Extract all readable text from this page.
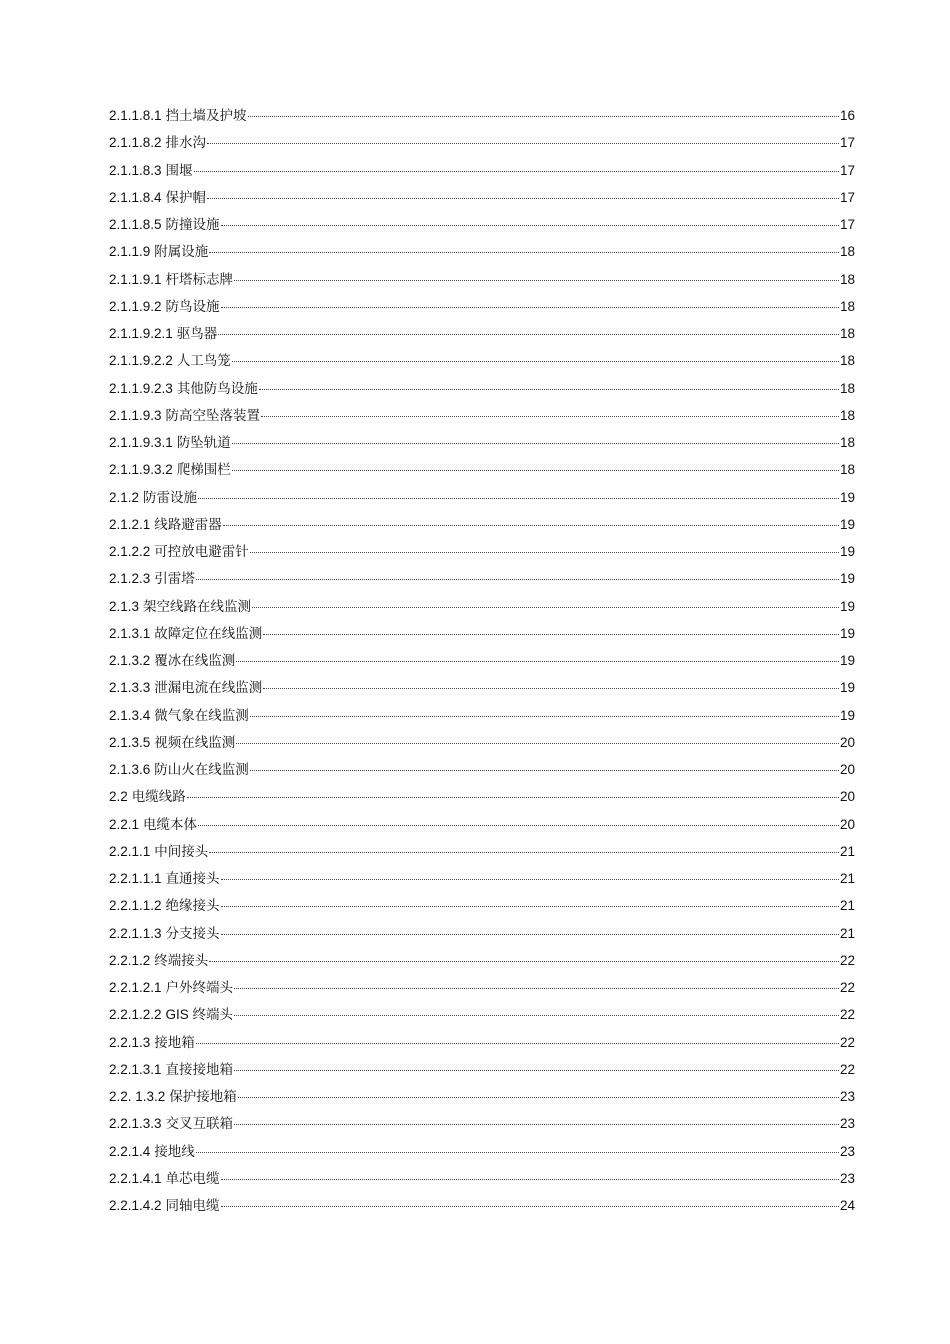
2.1.1.8.1 挡土墙及护坡	16
2.1.1.8.2 排水沟	17
2.1.1.8.3 围堰	17
2.1.1.8.4 保护帽	17
2.1.1.8.5 防撞设施	17
2.1.1.9 附属设施	18
2.1.1.9.1 杆塔标志牌	18
2.1.1.9.2 防鸟设施	18
2.1.1.9.2.1 驱鸟器	18
2.1.1.9.2.2 人工鸟笼	18
2.1.1.9.2.3 其他防鸟设施	18
2.1.1.9.3 防高空坠落装置	18
2.1.1.9.3.1 防坠轨道	18
2.1.1.9.3.2 爬梯围栏	18
2.1.2 防雷设施	19
2.1.2.1 线路避雷器	19
2.1.2.2 可控放电避雷针	19
2.1.2.3 引雷塔	19
2.1.3 架空线路在线监测	19
2.1.3.1 故障定位在线监测	19
2.1.3.2 覆冰在线监测	19
2.1.3.3 泄漏电流在线监测	19
2.1.3.4 微气象在线监测	19
2.1.3.5 视频在线监测	20
2.1.3.6 防山火在线监测	20
2.2 电缆线路	20
2.2.1 电缆本体	20
2.2.1.1 中间接头	21
2.2.1.1.1 直通接头	21
2.2.1.1.2 绝缘接头	21
2.2.1.1.3 分支接头	21
2.2.1.2 终端接头	22
2.2.1.2.1 户外终端头	22
2.2.1.2.2 GIS 终端头	22
2.2.1.3 接地箱	22
2.2.1.3.1 直接接地箱	22
2.2. 1.3.2 保护接地箱	23
2.2.1.3.3 交叉互联箱	23
2.2.1.4 接地线	23
2.2.1.4.1 单芯电缆	23
2.2.1.4.2 同轴电缆	24
